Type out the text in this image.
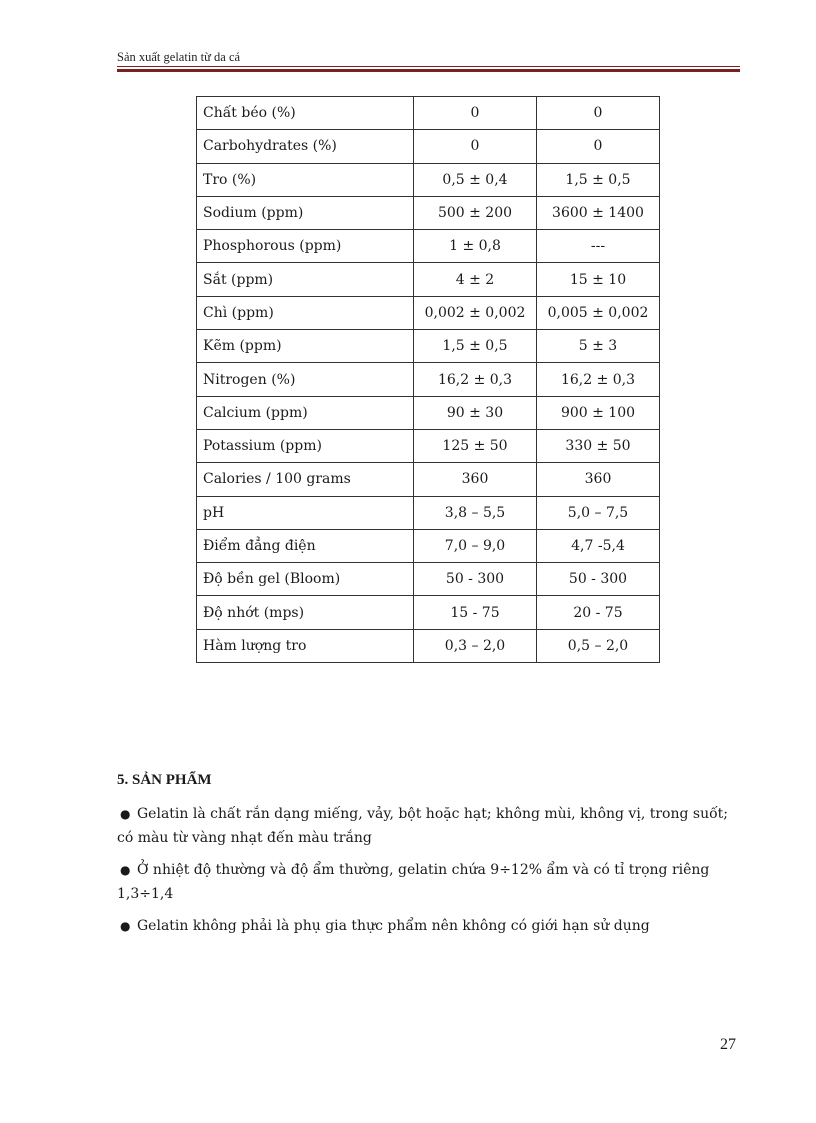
Sản xuất gelatin từ da cá
Chất béo (%)	0	0
Carbohydrates (%)	0	0
Tro (%)	0,5 ± 0,4	1,5 ± 0,5
Sodium (ppm)	500 ± 200	3600 ± 1400
Phosphorous (ppm)	1 ± 0,8	---
Sắt (ppm)	4 ± 2	15 ± 10
Chì (ppm)	0,002 ± 0,002	0,005 ± 0,002
Kẽm (ppm)	1,5 ± 0,5	5 ± 3
Nitrogen (%)	16,2 ± 0,3	16,2 ± 0,3
Calcium (ppm)	90 ± 30	900 ± 100
Potassium (ppm)	125 ± 50	330 ± 50
Calories / 100 grams	360	360
pH	3,8 – 5,5	5,0 – 7,5
Điểm đẳng điện	7,0 – 9,0	4,7 -5,4
Độ bền gel (Bloom)	50 - 300	50 - 300
Độ nhớt (mps)	15 - 75	20 - 75
Hàm lượng tro	0,3 – 2,0	0,5 – 2,0
5. SẢN PHẨM
● Gelatin là chất rắn dạng miếng, vảy, bột hoặc hạt; không mùi, không vị, trong suốt;
có màu từ vàng nhạt đến màu trắng
● Ở nhiệt độ thường và độ ẩm thường, gelatin chứa 9÷12% ẩm và có tỉ trọng riêng
1,3÷1,4
● Gelatin không phải là phụ gia thực phẩm nên không có giới hạn sử dụng
27
